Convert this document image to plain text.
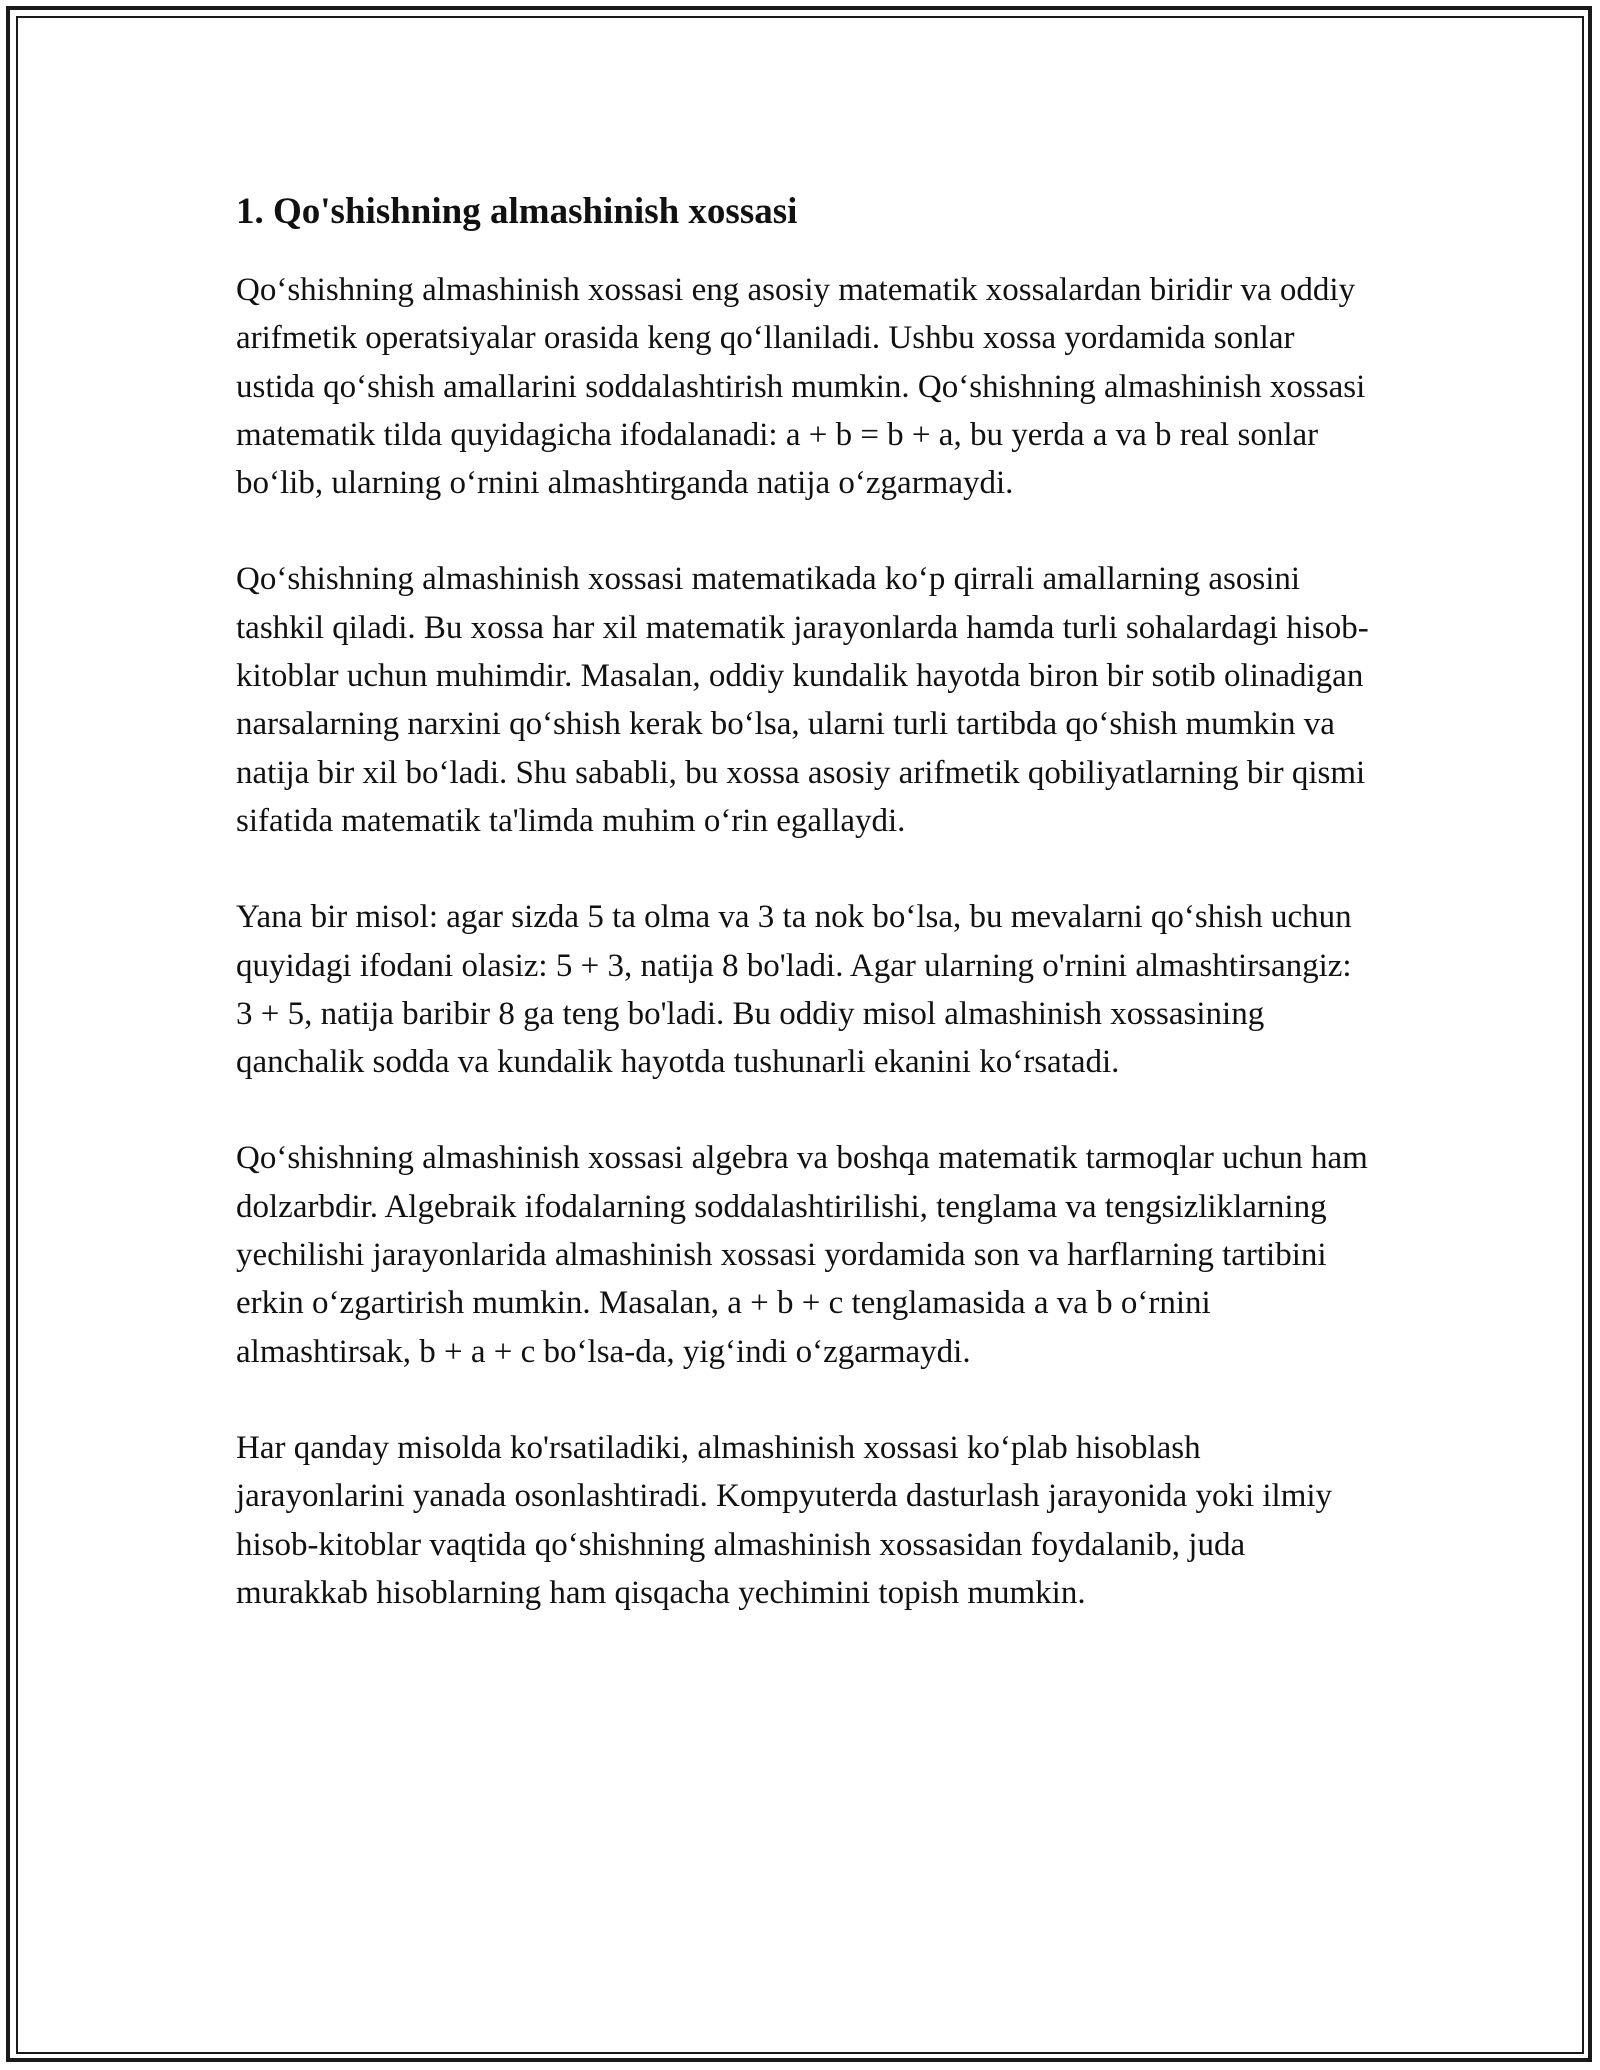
1. Qo'shishning almashinish xossasi

Qo‘shishning almashinish xossasi eng asosiy matematik xossalardan biridir va oddiy arifmetik operatsiyalar orasida keng qo‘llaniladi. Ushbu xossa yordamida sonlar ustida qo‘shish amallarini soddalashtirish mumkin. Qo‘shishning almashinish xossasi matematik tilda quyidagicha ifodalanadi: a + b = b + a, bu yerda a va b real sonlar bo‘lib, ularning o‘rnini almashtirganda natija o‘zgarmaydi.

Qo‘shishning almashinish xossasi matematikada ko‘p qirrali amallarning asosini tashkil qiladi. Bu xossa har xil matematik jarayonlarda hamda turli sohalardagi hisob-kitoblar uchun muhimdir. Masalan, oddiy kundalik hayotda biron bir sotib olinadigan narsalarning narxini qo‘shish kerak bo‘lsa, ularni turli tartibda qo‘shish mumkin va natija bir xil bo‘ladi. Shu sababli, bu xossa asosiy arifmetik qobiliyatlarning bir qismi sifatida matematik ta'limda muhim o‘rin egallaydi.

Yana bir misol: agar sizda 5 ta olma va 3 ta nok bo‘lsa, bu mevalarni qo‘shish uchun quyidagi ifodani olasiz: 5 + 3, natija 8 bo'ladi. Agar ularning o'rnini almashtirsangiz: 3 + 5, natija baribir 8 ga teng bo'ladi. Bu oddiy misol almashinish xossasining qanchalik sodda va kundalik hayotda tushunarli ekanini ko‘rsatadi.

Qo‘shishning almashinish xossasi algebra va boshqa matematik tarmoqlar uchun ham dolzarbdir. Algebraik ifodalarning soddalashtirilishi, tenglama va tengsizliklarning yechilishi jarayonlarida almashinish xossasi yordamida son va harflarning tartibini erkin o‘zgartirish mumkin. Masalan, a + b + c tenglamasida a va b o‘rnini almashtirsak, b + a + c bo‘lsa-da, yig‘indi o‘zgarmaydi.

Har qanday misolda ko'rsatiladiki, almashinish xossasi ko‘plab hisoblash jarayonlarini yanada osonlashtiradi. Kompyuterda dasturlash jarayonida yoki ilmiy hisob-kitoblar vaqtida qo‘shishning almashinish xossasidan foydalanib, juda murakkab hisoblarning ham qisqacha yechimini topish mumkin.
